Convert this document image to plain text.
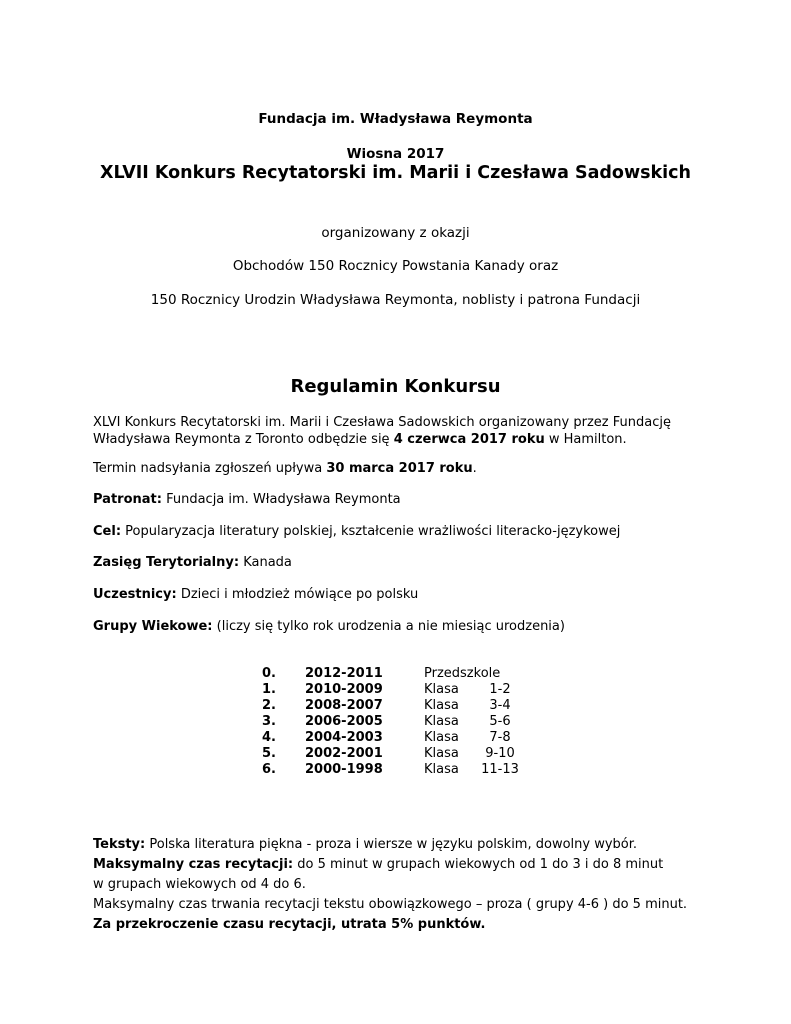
Fundacja im. Władysława Reymonta
Wiosna 2017
XLVII Konkurs Recytatorski im. Marii i Czesława Sadowskich
organizowany z okazji
Obchodów 150 Rocznicy Powstania Kanady oraz
150 Rocznicy Urodzin Władysława Reymonta, noblisty i patrona Fundacji
Regulamin Konkursu
XLVI Konkurs Recytatorski im. Marii i Czesława Sadowskich organizowany przez Fundację
Władysława Reymonta z Toronto odbędzie się 4 czerwca 2017 roku w Hamilton.
Termin nadsyłania zgłoszeń upływa 30 marca 2017 roku.
Patronat: Fundacja im. Władysława Reymonta
Cel: Popularyzacja literatury polskiej, kształcenie wrażliwości literacko-językowej
Zasięg Terytorialny: Kanada
Uczestnicy: Dzieci i młodzież mówiące po polsku
Grupy Wiekowe: (liczy się tylko rok urodzenia a nie miesiąc urodzenia)
0.	2012-2011	Przedszkole	
1.	2010-2009	Klasa	1-2
2.	2008-2007	Klasa	3-4
3.	2006-2005	Klasa	5-6
4.	2004-2003	Klasa	7-8
5.	2002-2001	Klasa	9-10
6.	2000-1998	Klasa	11-13
Teksty: Polska literatura piękna - proza i wiersze w języku polskim, dowolny wybór.
Maksymalny czas recytacji: do 5 minut w grupach wiekowych od 1 do 3 i do 8 minut
w grupach wiekowych od 4 do 6.
Maksymalny czas trwania recytacji tekstu obowiązkowego – proza ( grupy 4-6 ) do 5 minut.
Za przekroczenie czasu recytacji, utrata 5% punktów.
